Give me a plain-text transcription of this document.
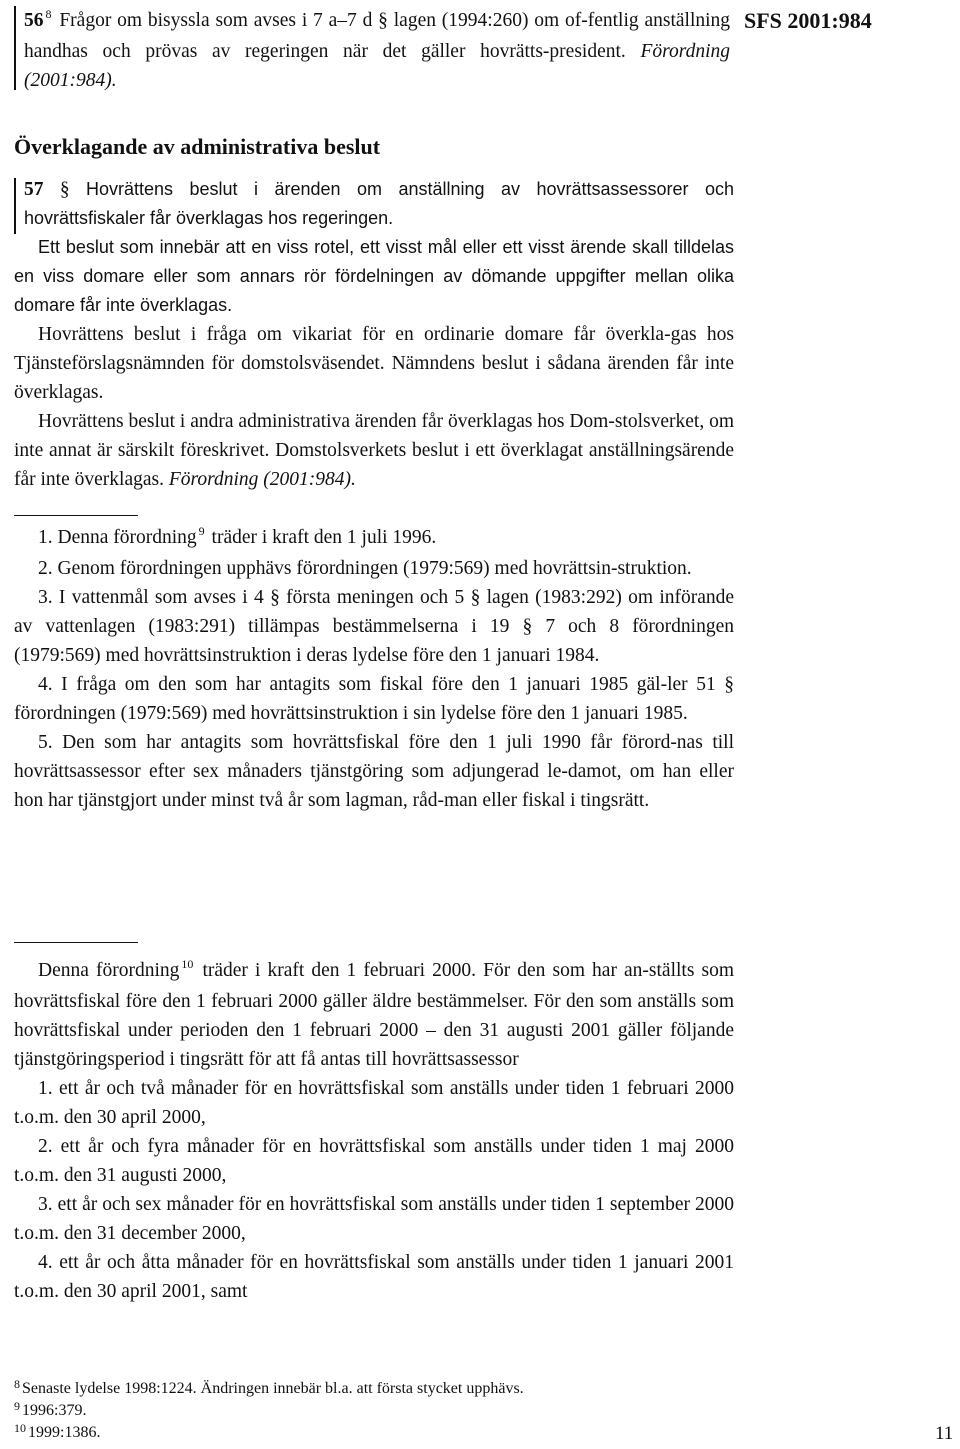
SFS 2001:984
56 $^8$ Frågor om bisyssla som avses i 7 a–7 d § lagen (1994:260) om of-fentlig anställning handhas och prövas av regeringen när det gäller hovrätts-president. Förordning (2001:984).
Överklagande av administrativa beslut
57 § Hovrättens beslut i ärenden om anställning av hovrättsassessorer och hovrättsfiskaler får överklagas hos regeringen.
Ett beslut som innebär att en viss rotel, ett visst mål eller ett visst ärende skall tilldelas en viss domare eller som annars rör fördelningen av dömande uppgifter mellan olika domare får inte överklagas.
Hovrättens beslut i fråga om vikariat för en ordinarie domare får överkla-gas hos Tjänsteförslagsnämnden för domstolsväsendet. Nämndens beslut i sådana ärenden får inte överklagas.
Hovrättens beslut i andra administrativa ärenden får överklagas hos Dom-stolsverket, om inte annat är särskilt föreskrivet. Domstolsverkets beslut i ett överklagat anställningsärende får inte överklagas. Förordning (2001:984).
1. Denna förordning $^9$ träder i kraft den 1 juli 1996.
2. Genom förordningen upphävs förordningen (1979:569) med hovrättsin-struktion.
3. I vattenmål som avses i 4 § första meningen och 5 § lagen (1983:292) om införande av vattenlagen (1983:291) tillämpas bestämmelserna i 19 § 7 och 8 förordningen (1979:569) med hovrättsinstruktion i deras lydelse före den 1 januari 1984.
4. I fråga om den som har antagits som fiskal före den 1 januari 1985 gäl-ler 51 § förordningen (1979:569) med hovrättsinstruktion i sin lydelse före den 1 januari 1985.
5. Den som har antagits som hovrättsfiskal före den 1 juli 1990 får förord-nas till hovrättsassessor efter sex månaders tjänstgöring som adjungerad le-damot, om han eller hon har tjänstgjort under minst två år som lagman, råd-man eller fiskal i tingsrätt.
Denna förordning $^{10}$ träder i kraft den 1 februari 2000. För den som har an-ställts som hovrättsfiskal före den 1 februari 2000 gäller äldre bestämmelser. För den som anställs som hovrättsfiskal under perioden den 1 februari 2000 – den 31 augusti 2001 gäller följande tjänstgöringsperiod i tingsrätt för att få antas till hovrättsassessor
1. ett år och två månader för en hovrättsfiskal som anställs under tiden 1 februari 2000 t.o.m. den 30 april 2000,
2. ett år och fyra månader för en hovrättsfiskal som anställs under tiden 1 maj 2000 t.o.m. den 31 augusti 2000,
3. ett år och sex månader för en hovrättsfiskal som anställs under tiden 1 september 2000 t.o.m. den 31 december 2000,
4. ett år och åtta månader för en hovrättsfiskal som anställs under tiden 1 januari 2001 t.o.m. den 30 april 2001, samt
$^8$ Senaste lydelse 1998:1224. Ändringen innebär bl.a. att första stycket upphävs.
$^9$ 1996:379.
$^{10}$ 1999:1386.	11
